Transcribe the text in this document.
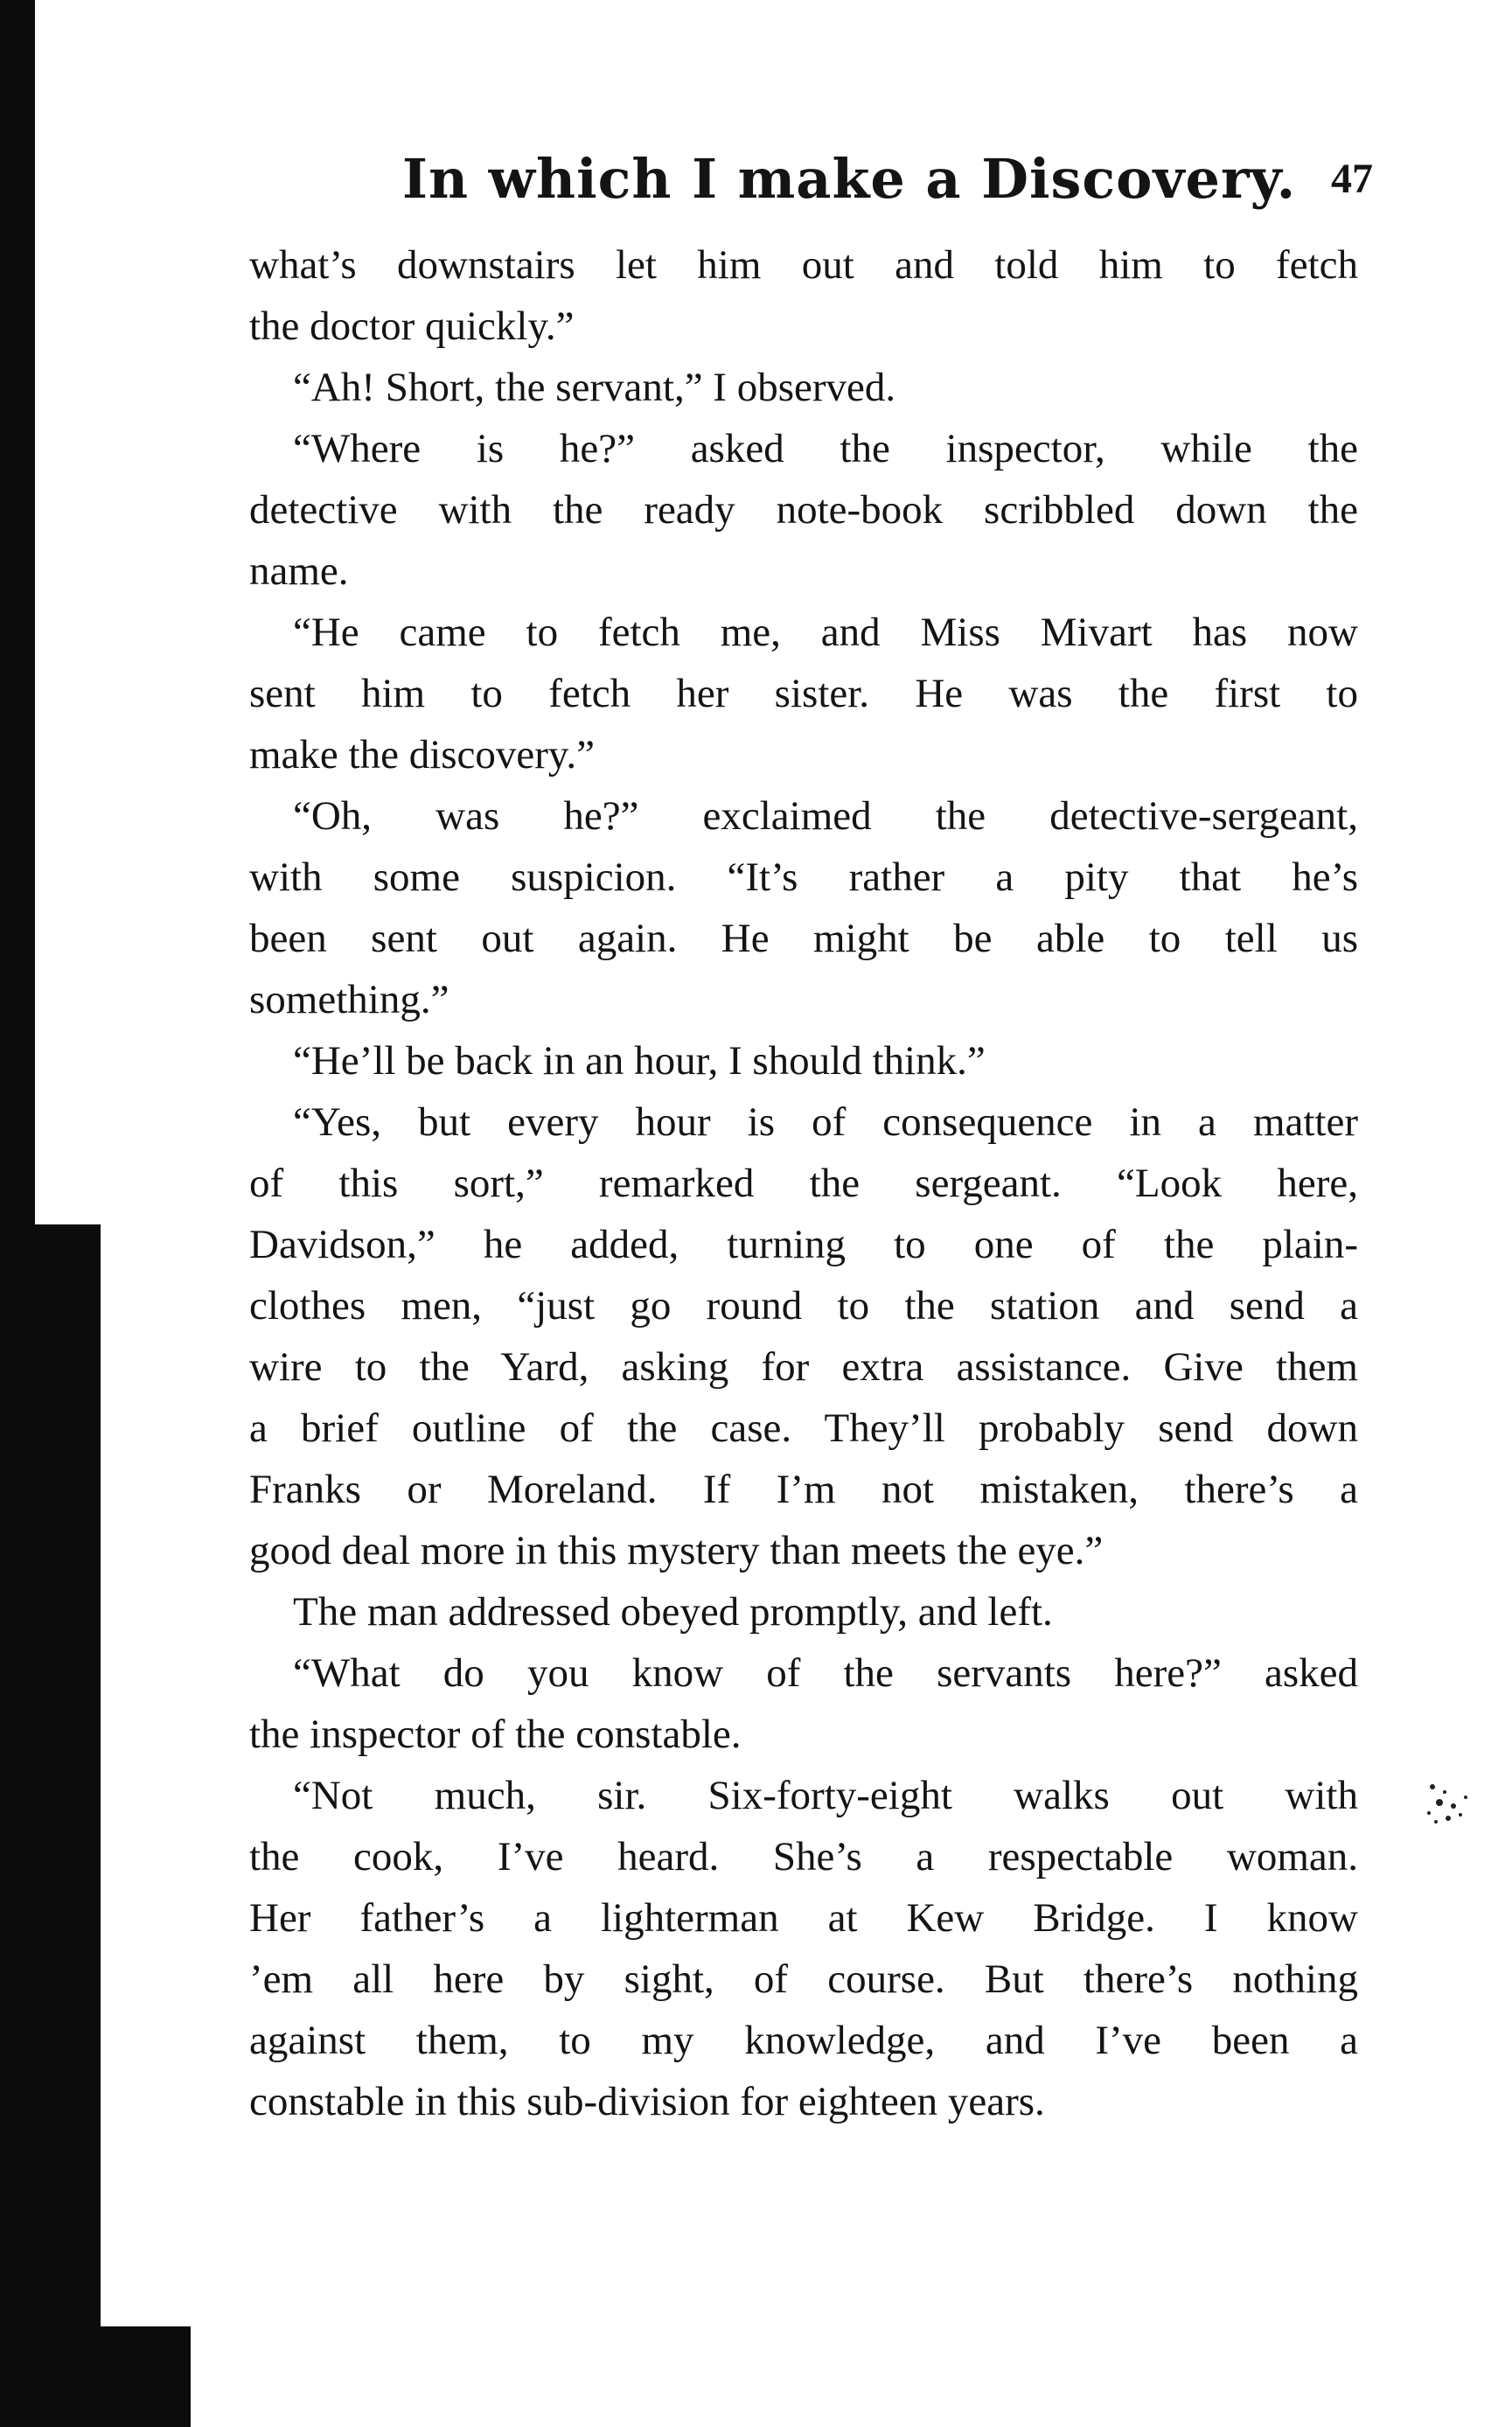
In which I make a Discovery. 47
what’s downstairs let him out and told him to fetch
the doctor quickly.”
“Ah! Short, the servant,” I observed.
“Where is he?” asked the inspector, while the
detective with the ready note-book scribbled down the
name.
“He came to fetch me, and Miss Mivart has now
sent him to fetch her sister. He was the first to
make the discovery.”
“Oh, was he?” exclaimed the detective-sergeant,
with some suspicion. “It’s rather a pity that he’s
been sent out again. He might be able to tell us
something.”
“He’ll be back in an hour, I should think.”
“Yes, but every hour is of consequence in a matter
of this sort,” remarked the sergeant. “Look here,
Davidson,” he added, turning to one of the plain-
clothes men, “just go round to the station and send a
wire to the Yard, asking for extra assistance. Give them
a brief outline of the case. They’ll probably send down
Franks or Moreland. If I’m not mistaken, there’s a
good deal more in this mystery than meets the eye.”
The man addressed obeyed promptly, and left.
“What do you know of the servants here?” asked
the inspector of the constable.
“Not much, sir. Six-forty-eight walks out with
the cook, I’ve heard. She’s a respectable woman.
Her father’s a lighterman at Kew Bridge. I know
’em all here by sight, of course. But there’s nothing
against them, to my knowledge, and I’ve been a
constable in this sub-division for eighteen years.
